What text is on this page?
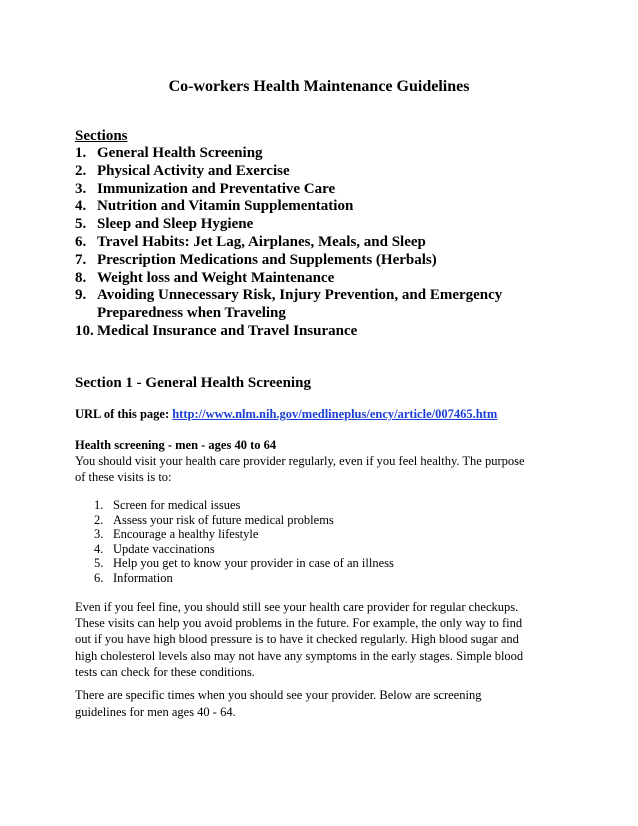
Co-workers Health Maintenance Guidelines
Sections
1. General Health Screening
2. Physical Activity and Exercise
3. Immunization and Preventative Care
4. Nutrition and Vitamin Supplementation
5. Sleep and Sleep Hygiene
6. Travel Habits: Jet Lag, Airplanes, Meals, and Sleep
7. Prescription Medications and Supplements (Herbals)
8. Weight loss and Weight Maintenance
9. Avoiding Unnecessary Risk, Injury Prevention, and Emergency Preparedness when Traveling
10. Medical Insurance and Travel Insurance
Section 1 - General Health Screening
URL of this page: http://www.nlm.nih.gov/medlineplus/ency/article/007465.htm
Health screening - men - ages 40 to 64

You should visit your health care provider regularly, even if you feel healthy. The purpose of these visits is to:

1. Screen for medical issues
2. Assess your risk of future medical problems
3. Encourage a healthy lifestyle
4. Update vaccinations
5. Help you get to know your provider in case of an illness
6. Information

Even if you feel fine, you should still see your health care provider for regular checkups. These visits can help you avoid problems in the future. For example, the only way to find out if you have high blood pressure is to have it checked regularly. High blood sugar and high cholesterol levels also may not have any symptoms in the early stages. Simple blood tests can check for these conditions.

There are specific times when you should see your provider. Below are screening guidelines for men ages 40 - 64.
